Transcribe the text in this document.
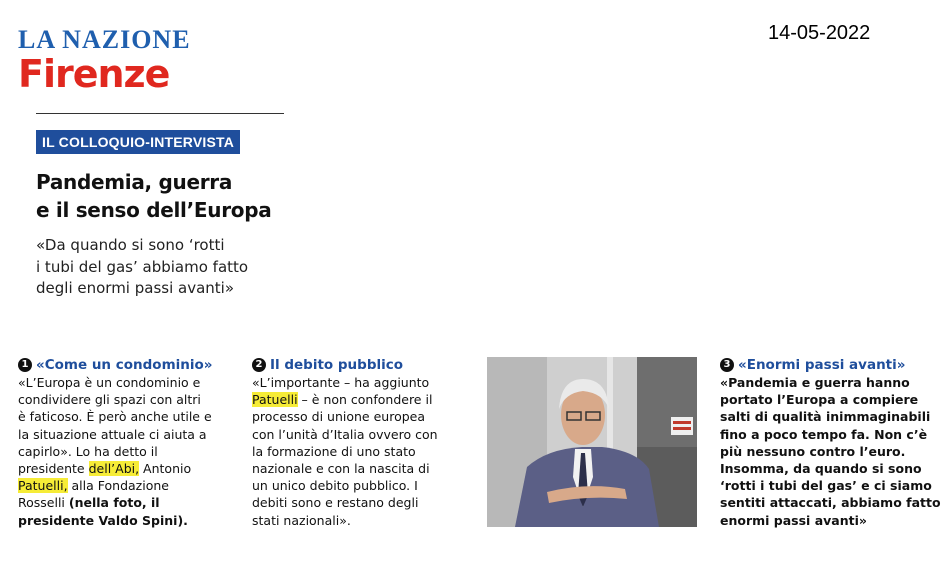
LA NAZIONE
Firenze
14-05-2022
IL COLLOQUIO-INTERVISTA
Pandemia, guerra
e il senso dell’Europa
«Da quando si sono ‘rotti
i tubi del gas’ abbiamo fatto
degli enormi passi avanti»
1 «Come un condominio»
«L’Europa è un condominio e
condividere gli spazi con altri
è faticoso. È però anche utile e
la situazione attuale ci aiuta a
capirlo». Lo ha detto il
presidente dell’Abi, Antonio
Patuelli, alla Fondazione
Rosselli (nella foto, il
presidente Valdo Spini).
2 Il debito pubblico
«L’importante – ha aggiunto
Patuelli – è non confondere il
processo di unione europea
con l’unità d’Italia ovvero con
la formazione di uno stato
nazionale e con la nascita di
un unico debito pubblico. I
debiti sono e restano degli
stati nazionali».
3 «Enormi passi avanti»
«Pandemia e guerra hanno
portato l’Europa a compiere
salti di qualità inimmaginabili
fino a poco tempo fa. Non c’è
più nessuno contro l’euro.
Insomma, da quando si sono
‘rotti i tubi del gas’ e ci siamo
sentiti attaccati, abbiamo fatto
enormi passi avanti»
